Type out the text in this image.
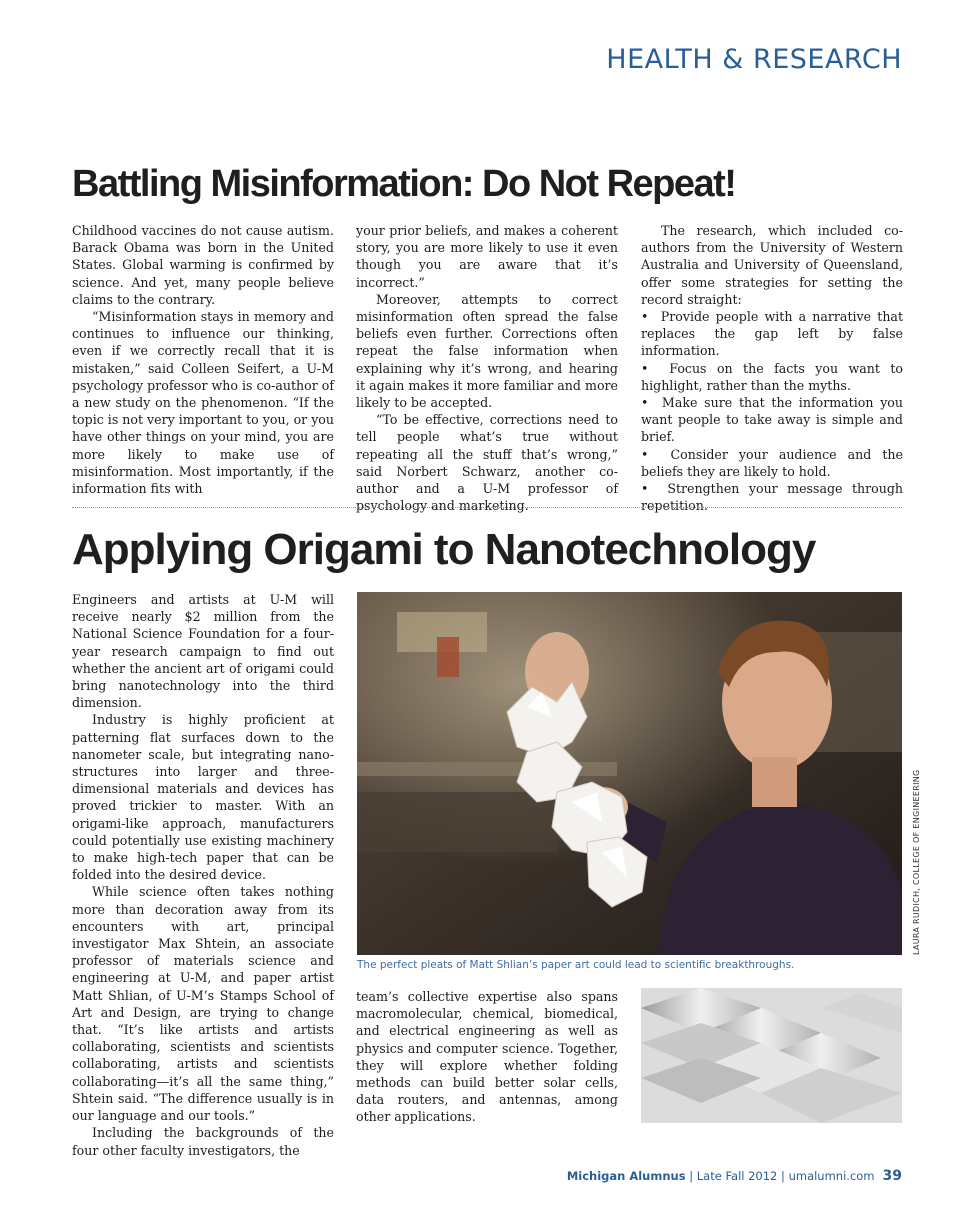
HEALTH & RESEARCH
Battling Misinformation: Do Not Repeat!

Childhood vaccines do not cause autism. Barack Obama was born in the United States. Global warming is confirmed by science. And yet, many people believe claims to the contrary.

“Misinformation stays in memory and continues to influence our thinking, even if we correctly recall that it is mistaken,” said Colleen Seifert, a U-M psychology professor who is co-author of a new study on the phenomenon. “If the topic is not very important to you, or you have other things on your mind, you are more likely to make use of misinformation. Most importantly, if the information fits with

your prior beliefs, and makes a coherent story, you are more likely to use it even though you are aware that it’s incorrect.”

Moreover, attempts to correct misinformation often spread the false beliefs even further. Corrections often repeat the false information when explaining why it’s wrong, and hearing it again makes it more familiar and more likely to be accepted.

“To be effective, corrections need to tell people what’s true without repeating all the stuff that’s wrong,” said Norbert Schwarz, another co-author and a U-M professor of psychology and marketing.

The research, which included co-authors from the University of Western Australia and University of Queensland, offer some strategies for setting the record straight:

•  Provide people with a narrative that replaces the gap left by false information.
•  Focus on the facts you want to highlight, rather than the myths.
•  Make sure that the information you want people to take away is simple and brief.
•  Consider your audience and the beliefs they are likely to hold.
•  Strengthen your message through repetition.
Applying Origami to Nanotechnology

Engineers and artists at U-M will receive nearly $2 million from the National Science Foundation for a four-year research campaign to find out whether the ancient art of origami could bring nanotechnology into the third dimension.

Industry is highly proficient at patterning flat surfaces down to the nanometer scale, but integrating nano-structures into larger and three-dimensional materials and devices has proved trickier to master. With an origami-like approach, manufacturers could potentially use existing machinery to make high-tech paper that can be folded into the desired device.

While science often takes nothing more than decoration away from its encounters with art, principal investigator Max Shtein, an associate professor of materials science and engineering at U-M, and paper artist Matt Shlian, of U-M’s Stamps School of Art and Design, are trying to change that. “It’s like artists and artists collaborating, scientists and scientists collaborating, artists and scientists collaborating—it’s all the same thing,” Shtein said. “The difference usually is in our language and our tools.”

Including the backgrounds of the four other faculty investigators, the

LAURA RUDICH, COLLEGE OF ENGINEERING
The perfect pleats of Matt Shlian’s paper art could lead to scientific breakthroughs.

team’s collective expertise also spans macromolecular, chemical, biomedical, and electrical engineering as well as physics and computer science. Together, they will explore whether folding methods can build better solar cells, data routers, and antennas, among other applications.

Michigan Alumnus | Late Fall 2012 | umalumni.com 39
